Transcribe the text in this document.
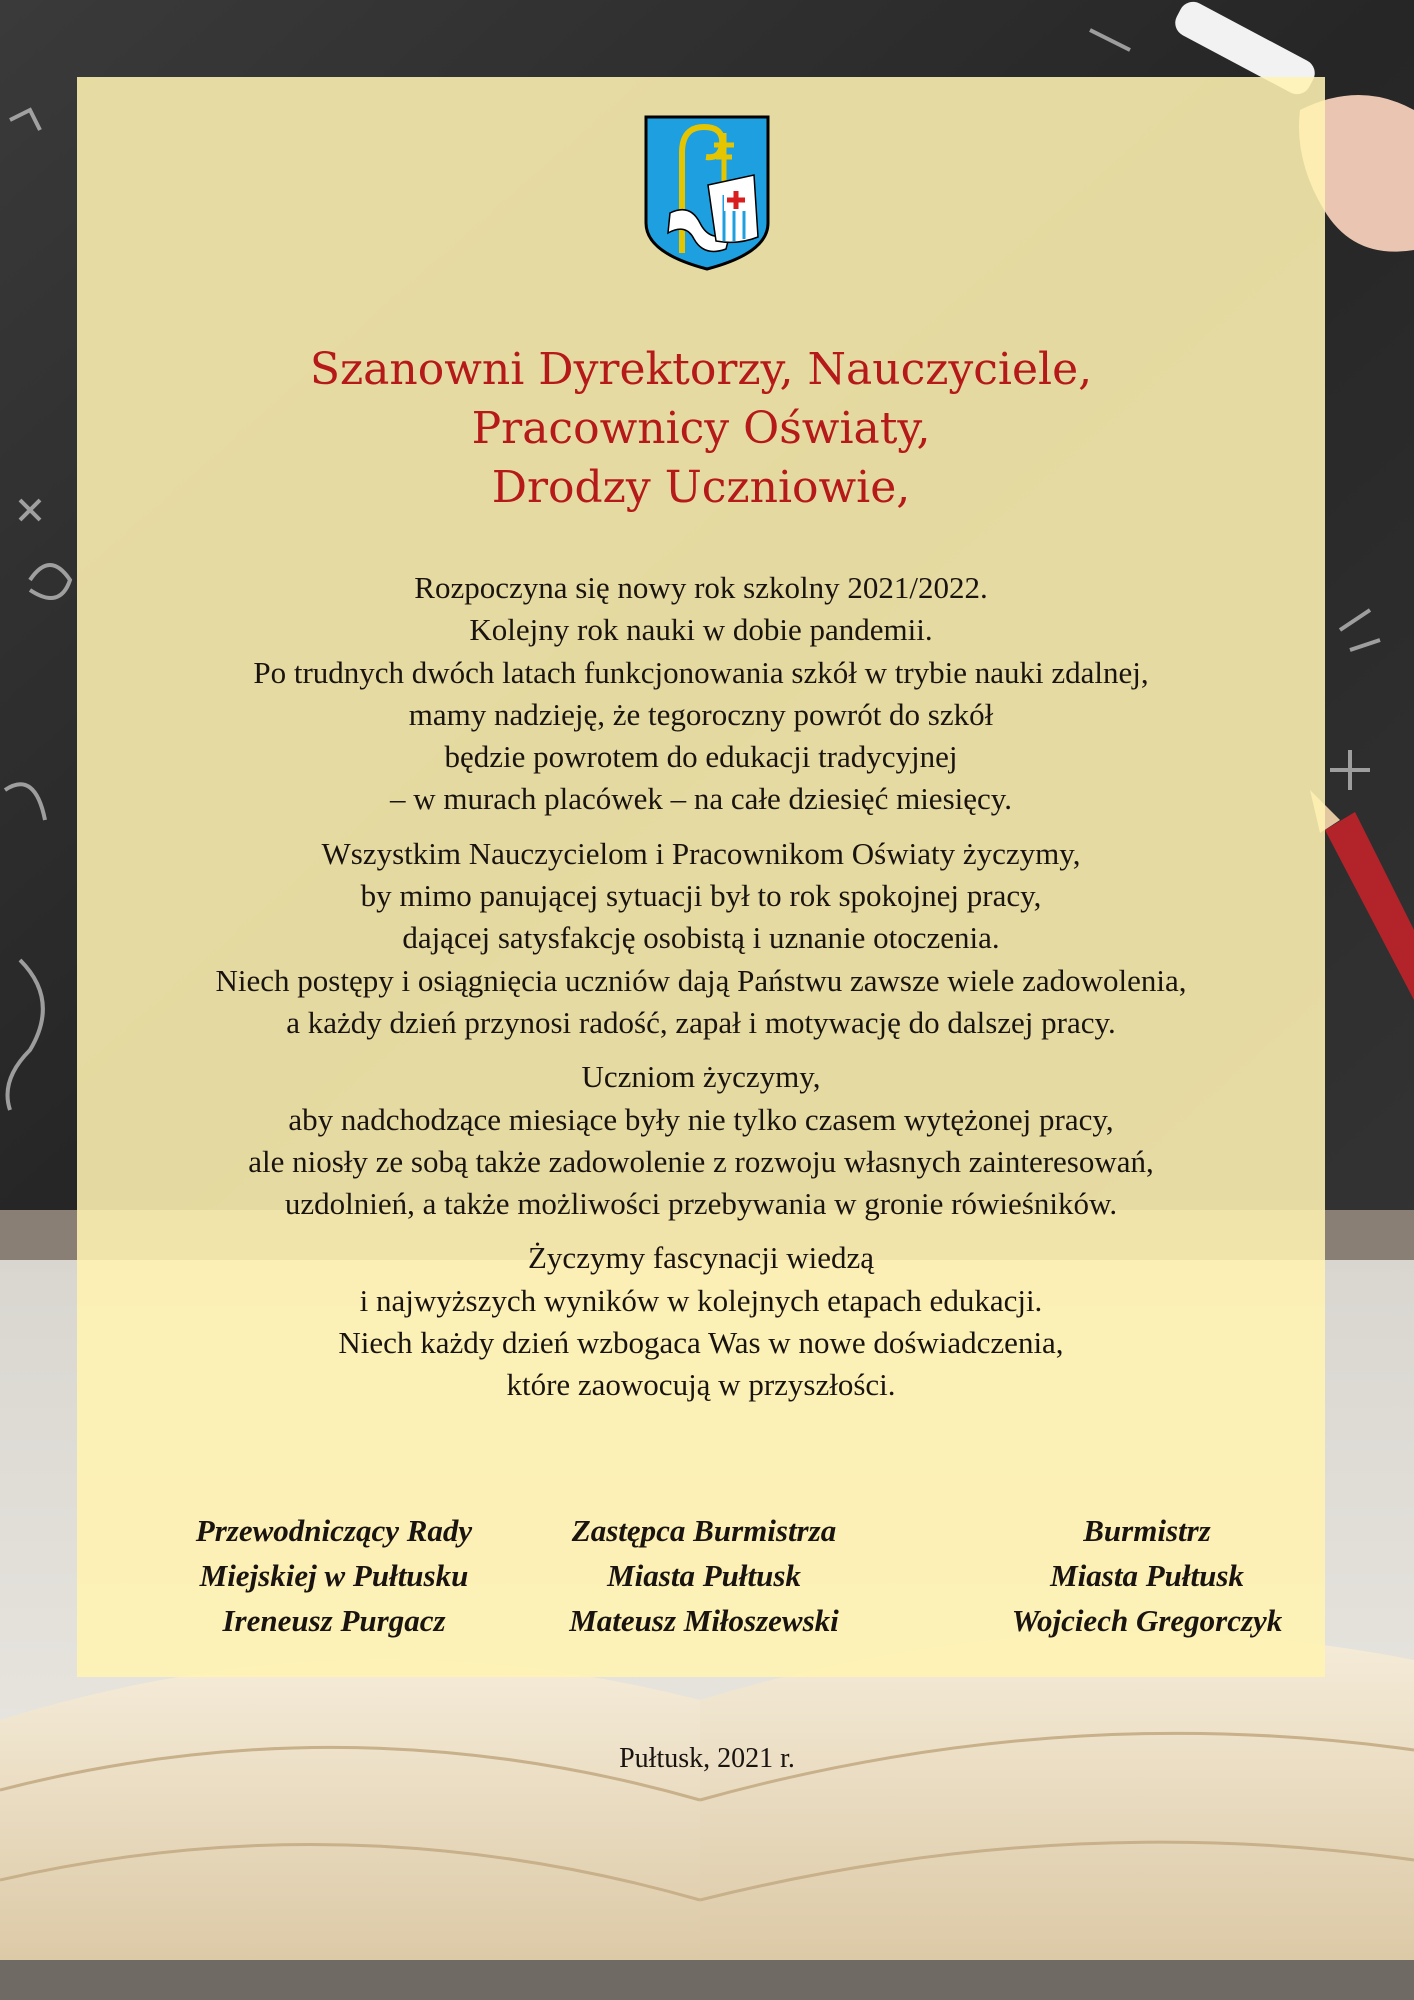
Szanowni Dyrektorzy, Nauczyciele,
Pracownicy Oświaty,
Drodzy Uczniowie,
Rozpoczyna się nowy rok szkolny 2021/2022.
Kolejny rok nauki w dobie pandemii.
Po trudnych dwóch latach funkcjonowania szkół w trybie nauki zdalnej,
mamy nadzieję, że tegoroczny powrót do szkół
będzie powrotem do edukacji tradycyjnej
– w murach placówek – na całe dziesięć miesięcy.
Wszystkim Nauczycielom i Pracownikom Oświaty życzymy,
by mimo panującej sytuacji był to rok spokojnej pracy,
dającej satysfakcję osobistą i uznanie otoczenia.
Niech postępy i osiągnięcia uczniów dają Państwu zawsze wiele zadowolenia,
a każdy dzień przynosi radość, zapał i motywację do dalszej pracy.
Uczniom życzymy,
aby nadchodzące miesiące były nie tylko czasem wytężonej pracy,
ale niosły ze sobą także zadowolenie z rozwoju własnych zainteresowań,
uzdolnień, a także możliwości przebywania w gronie rówieśników.
Życzymy fascynacji wiedzą
i najwyższych wyników w kolejnych etapach edukacji.
Niech każdy dzień wzbogaca Was w nowe doświadczenia,
które zaowocują w przyszłości.
Przewodniczący Rady
Miejskiej w Pułtusku
Ireneusz Purgacz
Zastępca Burmistrza
Miasta Pułtusk
Mateusz Miłoszewski
Burmistrz
Miasta Pułtusk
Wojciech Gregorczyk
Pułtusk, 2021 r.
